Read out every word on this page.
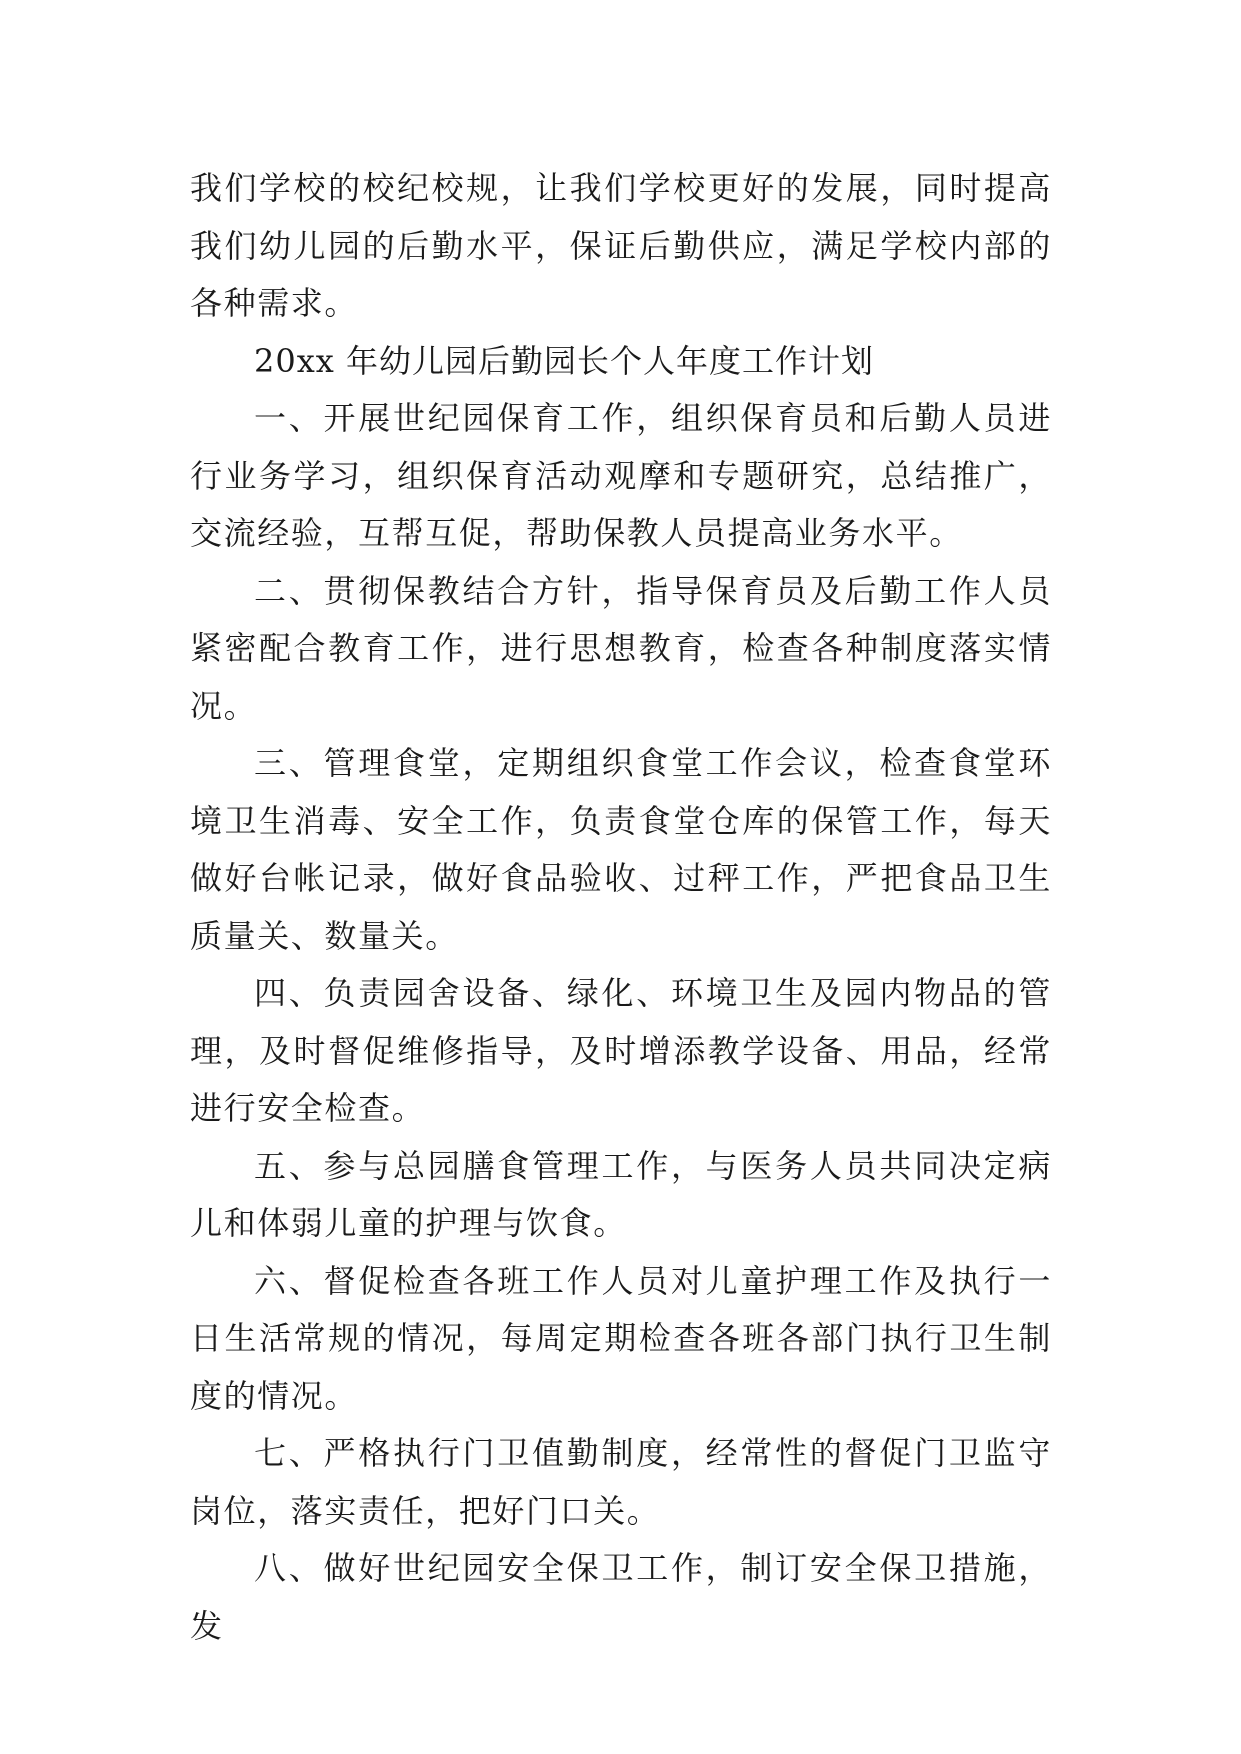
我们学校的校纪校规，让我们学校更好的发展，同时提高我们幼儿园的后勤水平，保证后勤供应，满足学校内部的各种需求。

20xx 年幼儿园后勤园长个人年度工作计划

一、开展世纪园保育工作，组织保育员和后勤人员进行业务学习，组织保育活动观摩和专题研究，总结推广，交流经验，互帮互促，帮助保教人员提高业务水平。

二、贯彻保教结合方针，指导保育员及后勤工作人员紧密配合教育工作，进行思想教育，检查各种制度落实情况。

三、管理食堂，定期组织食堂工作会议，检查食堂环境卫生消毒、安全工作，负责食堂仓库的保管工作，每天做好台帐记录，做好食品验收、过秤工作，严把食品卫生质量关、数量关。

四、负责园舍设备、绿化、环境卫生及园内物品的管理，及时督促维修指导，及时增添教学设备、用品，经常进行安全检查。

五、参与总园膳食管理工作，与医务人员共同决定病儿和体弱儿童的护理与饮食。

六、督促检查各班工作人员对儿童护理工作及执行一日生活常规的情况，每周定期检查各班各部门执行卫生制度的情况。

七、严格执行门卫值勤制度，经常性的督促门卫监守岗位，落实责任，把好门口关。

八、做好世纪园安全保卫工作，制订安全保卫措施，发
